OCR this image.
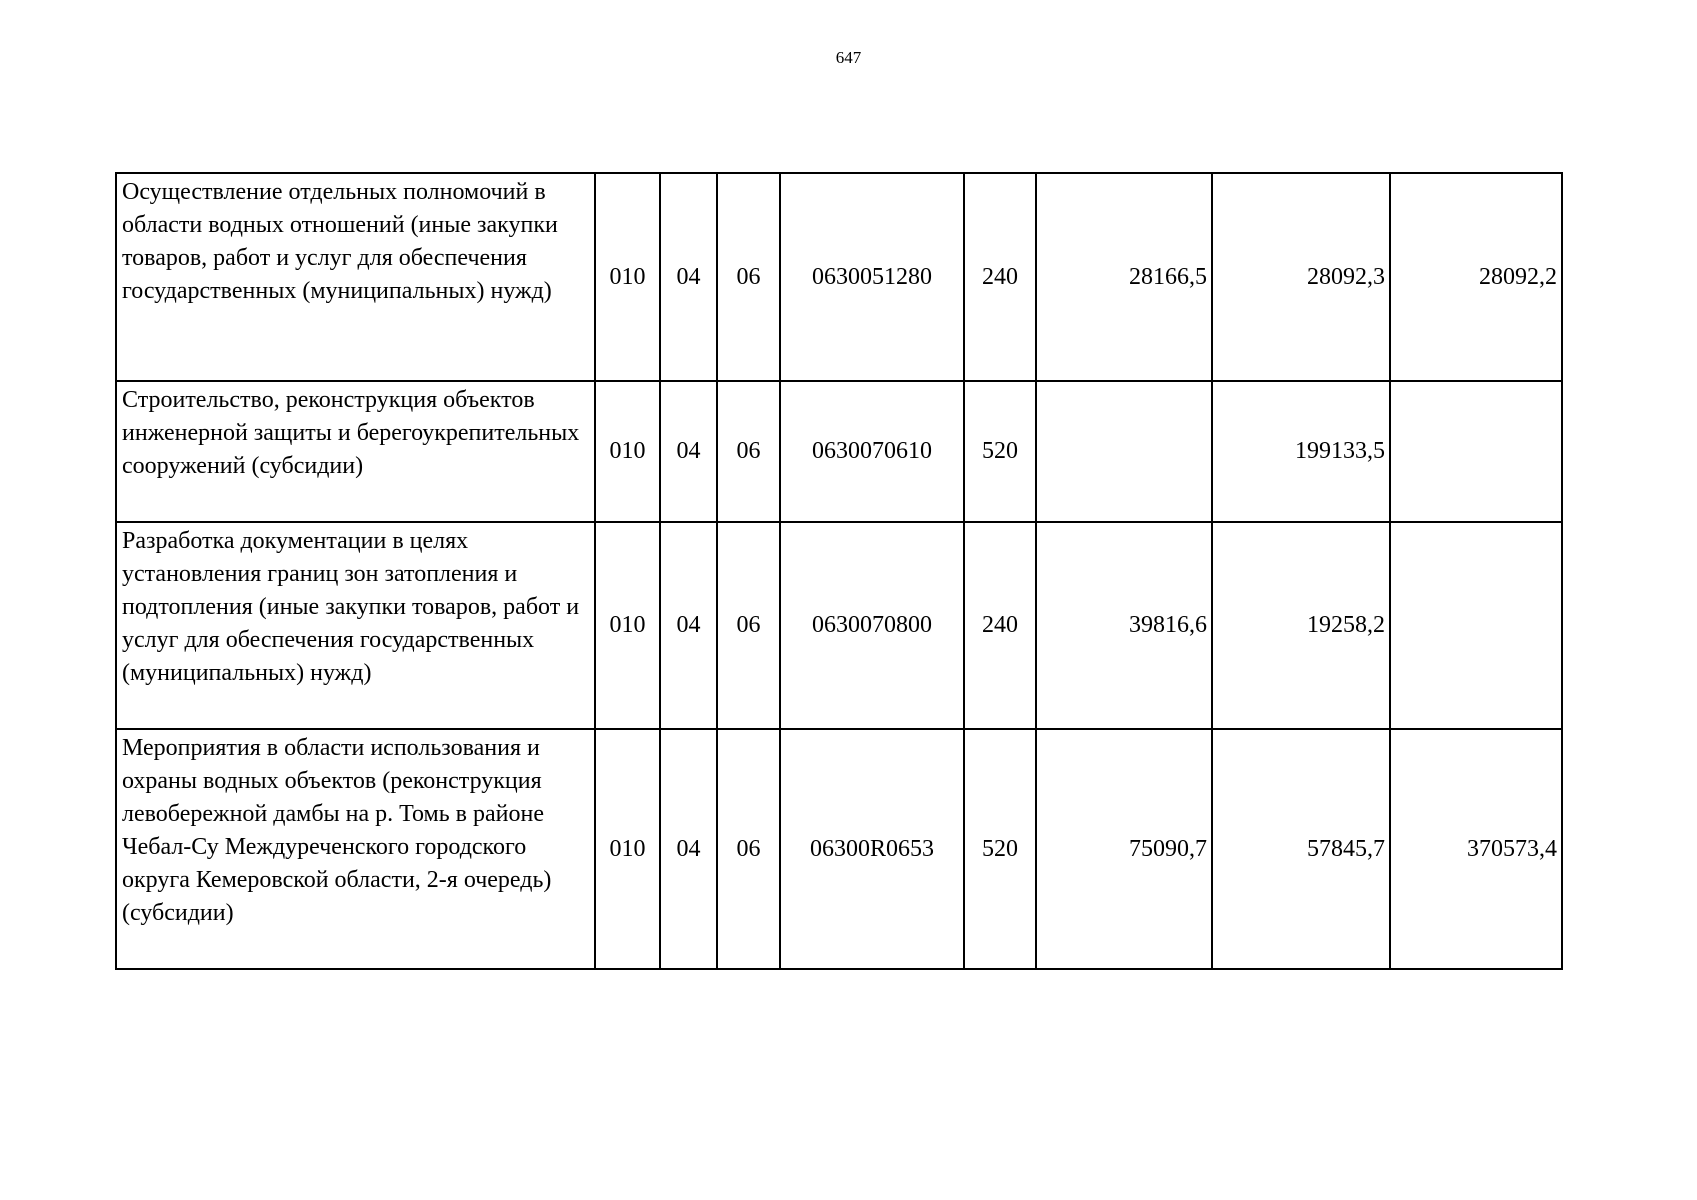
647
Осуществление отдельных полномочий в области водных отношений (иные закупки товаров, работ и услуг для обеспечения государственных (муниципальных) нужд)	010	04	06	0630051280	240	28166,5	28092,3	28092,2
Строительство, реконструкция объектов инженерной защиты и берегоукрепительных сооружений (субсидии)	010	04	06	0630070610	520		199133,5	
Разработка документации в целях установления границ зон затопления и подтопления (иные закупки товаров, работ и услуг для обеспечения государственных (муниципальных) нужд)	010	04	06	0630070800	240	39816,6	19258,2	
Мероприятия в области использования и охраны водных объектов (реконструкция левобережной дамбы на р. Томь в районе Чебал-Су Междуреченского городского округа Кемеровской области, 2-я очередь) (субсидии)	010	04	06	06300R0653	520	75090,7	57845,7	370573,4
